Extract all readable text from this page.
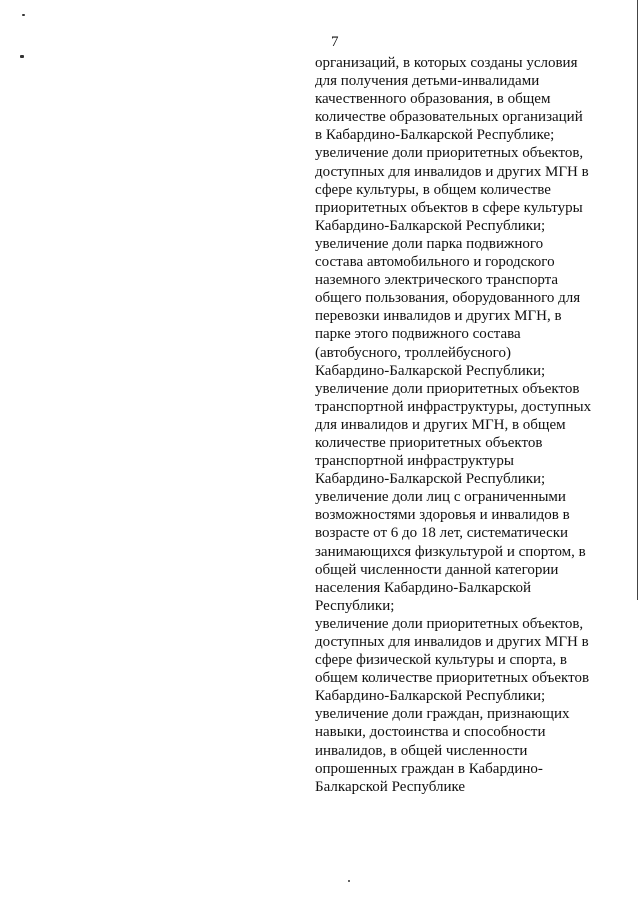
7
организаций, в которых созданы условия
для получения детьми-инвалидами
качественного образования, в общем
количестве образовательных организаций
в Кабардино-Балкарской Республике;
увеличение доли приоритетных объектов,
доступных для инвалидов и других МГН в
сфере культуры, в общем количестве
приоритетных объектов в сфере культуры
Кабардино-Балкарской Республики;
увеличение доли парка подвижного
состава автомобильного и городского
наземного электрического транспорта
общего пользования, оборудованного для
перевозки инвалидов и других МГН, в
парке этого подвижного состава
(автобусного, троллейбусного)
Кабардино-Балкарской Республики;
увеличение доли приоритетных объектов
транспортной инфраструктуры, доступных
для инвалидов и других МГН, в общем
количестве приоритетных объектов
транспортной инфраструктуры
Кабардино-Балкарской Республики;
увеличение доли лиц с ограниченными
возможностями здоровья и инвалидов в
возрасте от 6 до 18 лет, систематически
занимающихся физкультурой и спортом, в
общей численности данной категории
населения Кабардино-Балкарской
Республики;
увеличение доли приоритетных объектов,
доступных для инвалидов и других МГН в
сфере физической культуры и спорта, в
общем количестве приоритетных объектов
Кабардино-Балкарской Республики;
увеличение доли граждан, признающих
навыки, достоинства и способности
инвалидов, в общей численности
опрошенных граждан в Кабардино-
Балкарской Республике
